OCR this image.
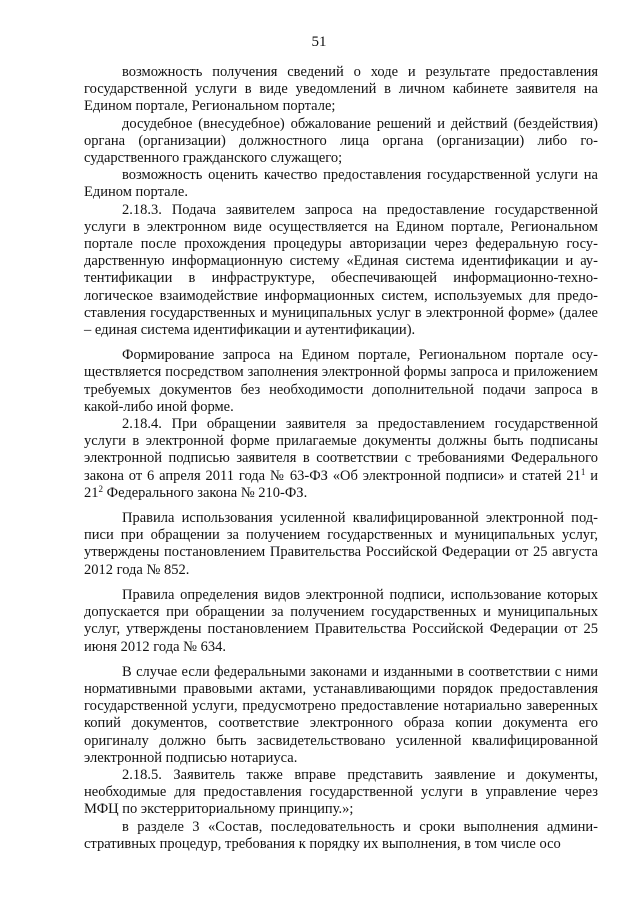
51

возможность получения сведений о ходе и результате предоставления государственной услуги в виде уведомлений в личном кабинете заявителя на Едином портале, Региональном портале;

досудебное (внесудебное) обжалование решений и действий (бездействия) органа (организации) должностного лица органа (организации) либо государственного гражданского служащего;

возможность оценить качество предоставления государственной услуги на Едином портале.

2.18.3. Подача заявителем запроса на предоставление государственной услуги в электронном виде осуществляется на Едином портале, Региональном портале после прохождения процедуры авторизации через федеральную государственную информационную систему «Единая система идентификации и аутентификации в инфраструктуре, обеспечивающей информационно-технологическое взаимодействие информационных систем, используемых для предоставления государственных и муниципальных услуг в электронной форме» (далее – единая система идентификации и аутентификации).

Формирование запроса на Едином портале, Региональном портале осуществляется посредством заполнения электронной формы запроса и приложением требуемых документов без необходимости дополнительной подачи запроса в какой-либо иной форме.

2.18.4. При обращении заявителя за предоставлением государственной услуги в электронной форме прилагаемые документы должны быть подписаны электронной подписью заявителя в соответствии с требованиями Федерального закона от 6 апреля 2011 года № 63-ФЗ «Об электронной подписи» и статей $21^1$ и $21^2$ Федерального закона № 210-ФЗ.

Правила использования усиленной квалифицированной электронной подписи при обращении за получением государственных и муниципальных услуг, утверждены постановлением Правительства Российской Федерации от 25 августа 2012 года № 852.

Правила определения видов электронной подписи, использование которых допускается при обращении за получением государственных и муниципальных услуг, утверждены постановлением Правительства Российской Федерации от 25 июня 2012 года № 634.

В случае если федеральными законами и изданными в соответствии с ними нормативными правовыми актами, устанавливающими порядок предоставления государственной услуги, предусмотрено предоставление нотариально заверенных копий документов, соответствие электронного образа копии документа его оригиналу должно быть засвидетельствовано усиленной квалифицированной электронной подписью нотариуса.

2.18.5. Заявитель также вправе представить заявление и документы, необходимые для предоставления государственной услуги в управление через МФЦ по экстерриториальному принципу.»;

в разделе 3 «Состав, последовательность и сроки выполнения административных процедур, требования к порядку их выполнения, в том числе осо
